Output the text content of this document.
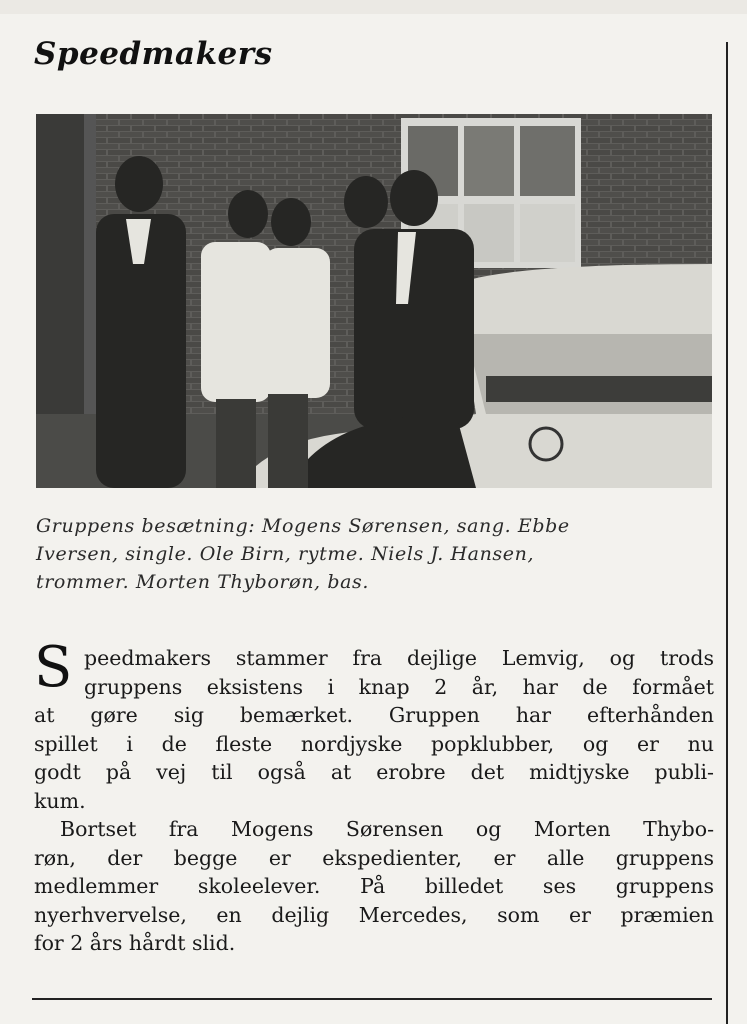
Speedmakers

Gruppens besætning: Mogens Sørensen, sang. Ebbe
Iversen, single. Ole Birn, rytme. Niels J. Hansen,
trommer. Morten Thyborøn, bas.

S peedmakers stammer fra dejlige Lemvig, og trods
gruppens eksistens i knap 2 år, har de formået
at gøre sig bemærket. Gruppen har efterhånden
spillet i de fleste nordjyske popklubber, og er nu
godt på vej til også at erobre det midtjyske publi-
kum.
Bortset fra Mogens Sørensen og Morten Thybo-
røn, der begge er ekspedienter, er alle gruppens
medlemmer skoleelever. På billedet ses gruppens
nyerhvervelse, en dejlig Mercedes, som er præmien
for 2 års hårdt slid.
